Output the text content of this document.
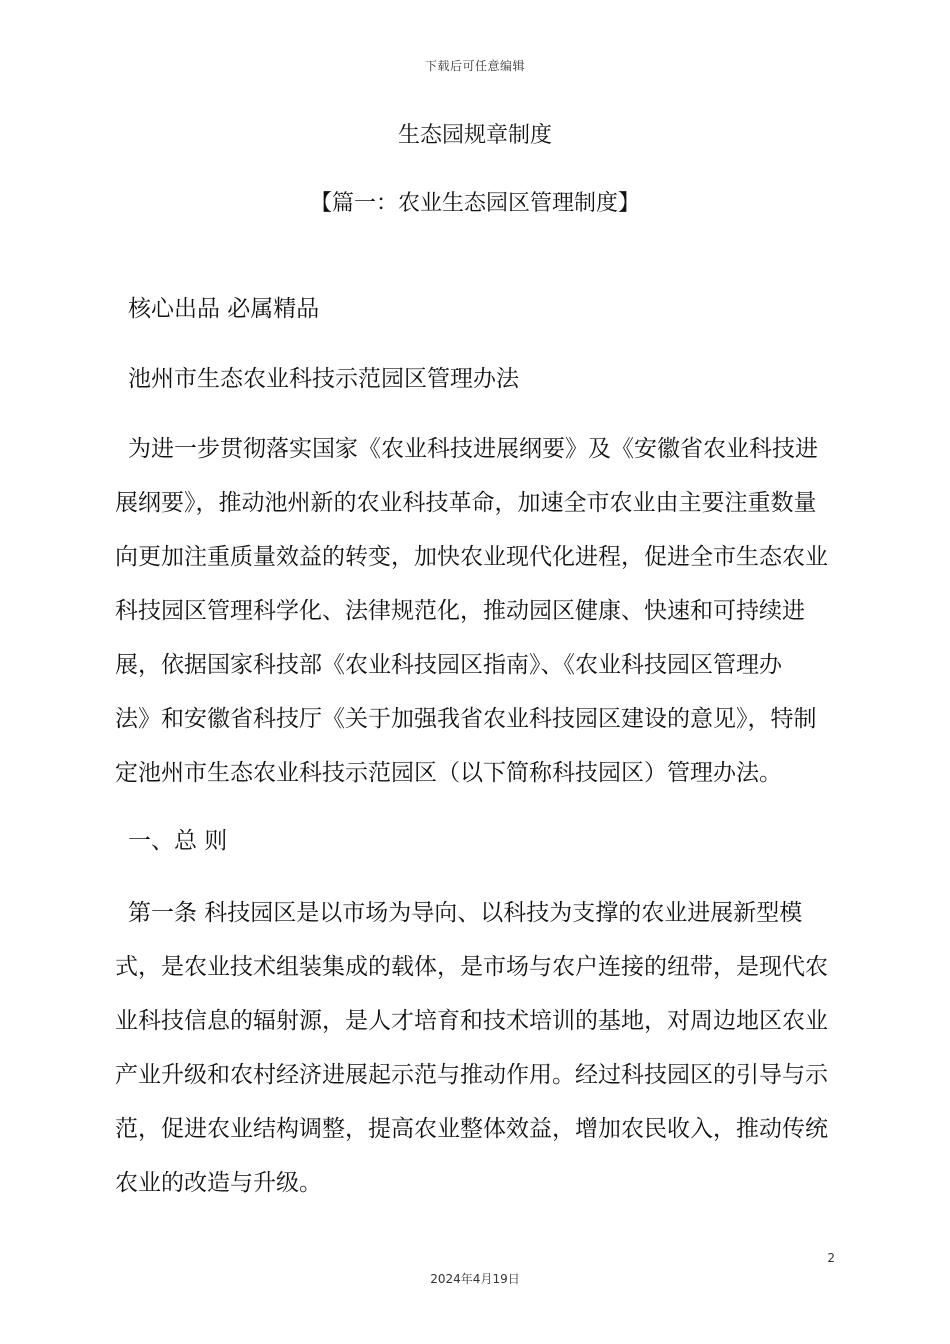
下载后可任意编辑
生态园规章制度
【篇一：农业生态园区管理制度】
核心出品 必属精品
池州市生态农业科技示范园区管理办法
为进一步贯彻落实国家《农业科技进展纲要》及《安徽省农业科技进
展纲要》，推动池州新的农业科技革命，加速全市农业由主要注重数量
向更加注重质量效益的转变，加快农业现代化进程，促进全市生态农业
科技园区管理科学化、法律规范化，推动园区健康、快速和可持续进
展，依据国家科技部《农业科技园区指南》、《农业科技园区管理办
法》和安徽省科技厅《关于加强我省农业科技园区建设的意见》，特制
定池州市生态农业科技示范园区（以下简称科技园区）管理办法。
一、总 则
第一条 科技园区是以市场为导向、以科技为支撑的农业进展新型模
式，是农业技术组装集成的载体，是市场与农户连接的纽带，是现代农
业科技信息的辐射源，是人才培育和技术培训的基地，对周边地区农业
产业升级和农村经济进展起示范与推动作用。经过科技园区的引导与示
范，促进农业结构调整，提高农业整体效益，增加农民收入，推动传统
农业的改造与升级。
2
2024年4月19日
